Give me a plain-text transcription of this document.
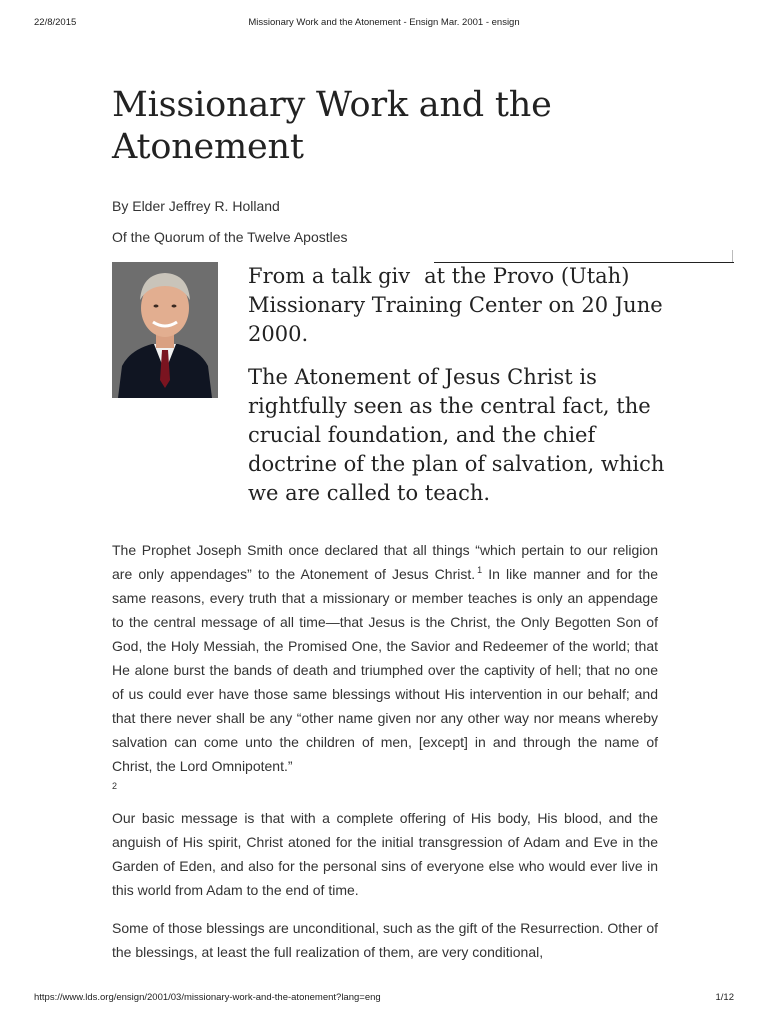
22/8/2015	Missionary Work and the Atonement - Ensign Mar. 2001 - ensign
Missionary Work and the Atonement
By Elder Jeffrey R. Holland
Of the Quorum of the Twelve Apostles

From a talk giv at the Provo (Utah) Missionary Training Center on 20 June 2000.

The Atonement of Jesus Christ is rightfully seen as the central fact, the crucial foundation, and the chief doctrine of the plan of salvation, which we are called to teach.

The Prophet Joseph Smith once declared that all things “which pertain to our religion are only appendages” to the Atonement of Jesus Christ. $^1$ In like manner and for the same reasons, every truth that a missionary or member teaches is only an appendage to the central message of all time—that Jesus is the Christ, the Only Begotten Son of God, the Holy Messiah, the Promised One, the Savior and Redeemer of the world; that He alone burst the bands of death and triumphed over the captivity of hell; that no one of us could ever have those same blessings without His intervention in our behalf; and that there never shall be any “other name given nor any other way nor means whereby salvation can come unto the children of men, [except] in and through the name of Christ, the Lord Omnipotent.”
2

Our basic message is that with a complete offering of His body, His blood, and the anguish of His spirit, Christ atoned for the initial transgression of Adam and Eve in the Garden of Eden, and also for the personal sins of everyone else who would ever live in this world from Adam to the end of time.

Some of those blessings are unconditional, such as the gift of the Resurrection. Other of the blessings, at least the full realization of them, are very conditional,

https://www.lds.org/ensign/2001/03/missionary-work-and-the-atonement?lang=eng	1/12
